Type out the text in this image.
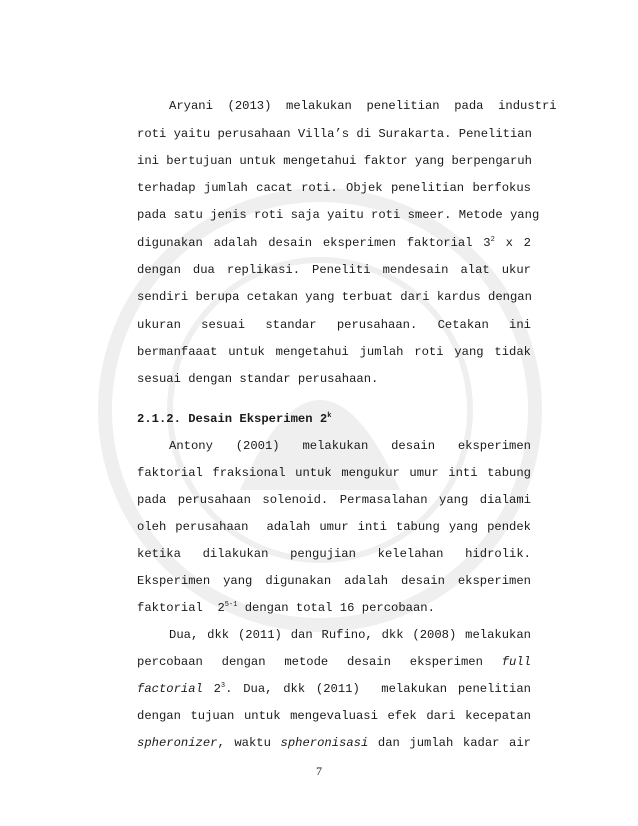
Aryani  (2013)  melakukan  penelitian  pada  industri
roti yaitu perusahaan Villa’s di Surakarta. Penelitian
ini bertujuan untuk mengetahui faktor yang berpengaruh
terhadap jumlah cacat roti. Objek penelitian berfokus
pada satu jenis roti saja yaitu roti smeer. Metode yang
digunakan adalah desain eksperimen faktorial $3^2$ x 2
dengan dua replikasi. Peneliti mendesain alat ukur
sendiri berupa cetakan yang terbuat dari kardus dengan
ukuran sesuai standar perusahaan. Cetakan ini
bermanfaaat untuk mengetahui jumlah roti yang tidak
sesuai dengan standar perusahaan.
2.1.2. Desain Eksperimen 2$^k$
Antony (2001) melakukan desain eksperimen
faktorial fraksional untuk mengukur umur inti tabung
pada perusahaan solenoid. Permasalahan yang dialami
oleh perusahaan  adalah umur inti tabung yang pendek
ketika dilakukan pengujian kelelahan hidrolik.
Eksperimen yang digunakan adalah desain eksperimen
faktorial 2$^{5-1}$ dengan total 16 percobaan.
Dua, dkk (2011) dan Rufino, dkk (2008) melakukan
percobaan dengan metode desain eksperimen full
factorial $2^3$. Dua, dkk (2011)  melakukan penelitian
dengan tujuan untuk mengevaluasi efek dari kecepatan
spheronizer, waktu spheronisasi dan jumlah kadar air
7
